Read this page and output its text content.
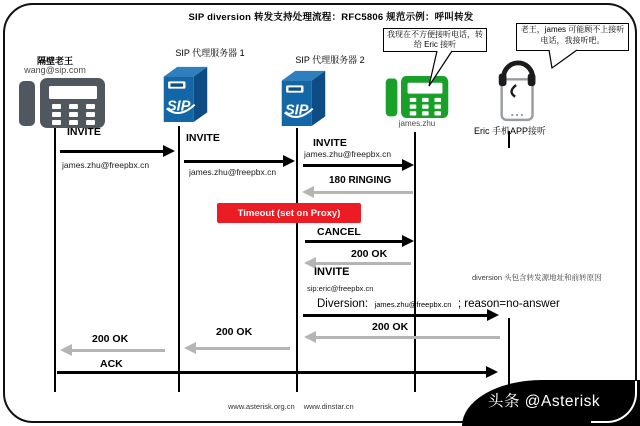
SIP diversion 转发支持处理流程：RFC5806 规范示例：呼叫转发
隔壁老王
wang@sip.com
SIP 代理服务器 1
SIP
SIP 代理服务器 2
SIP
james.zhu
Eric 手机APP接听
我现在不方便接听电话，转给 Eric 接听
老王，james 可能顾不上接听电话，我接听吧。
INVITE
james.zhu@freepbx.cn
INVITE
james.zhu@freepbx.cn
INVITE
james.zhu@freepbx.cn
180 RINGING
Timeout (set on Proxy)
CANCEL
200 OK
INVITE
sip:eric@freepbx.cn
diversion 头包含转发源地址和前转原因
Diversion: james.zhu@freepbx.cn ; reason=no-answer
200 OK
200 OK
200 OK
ACK
www.asterisk.org.cn www.dinstar.cn	头条 @Asterisk
